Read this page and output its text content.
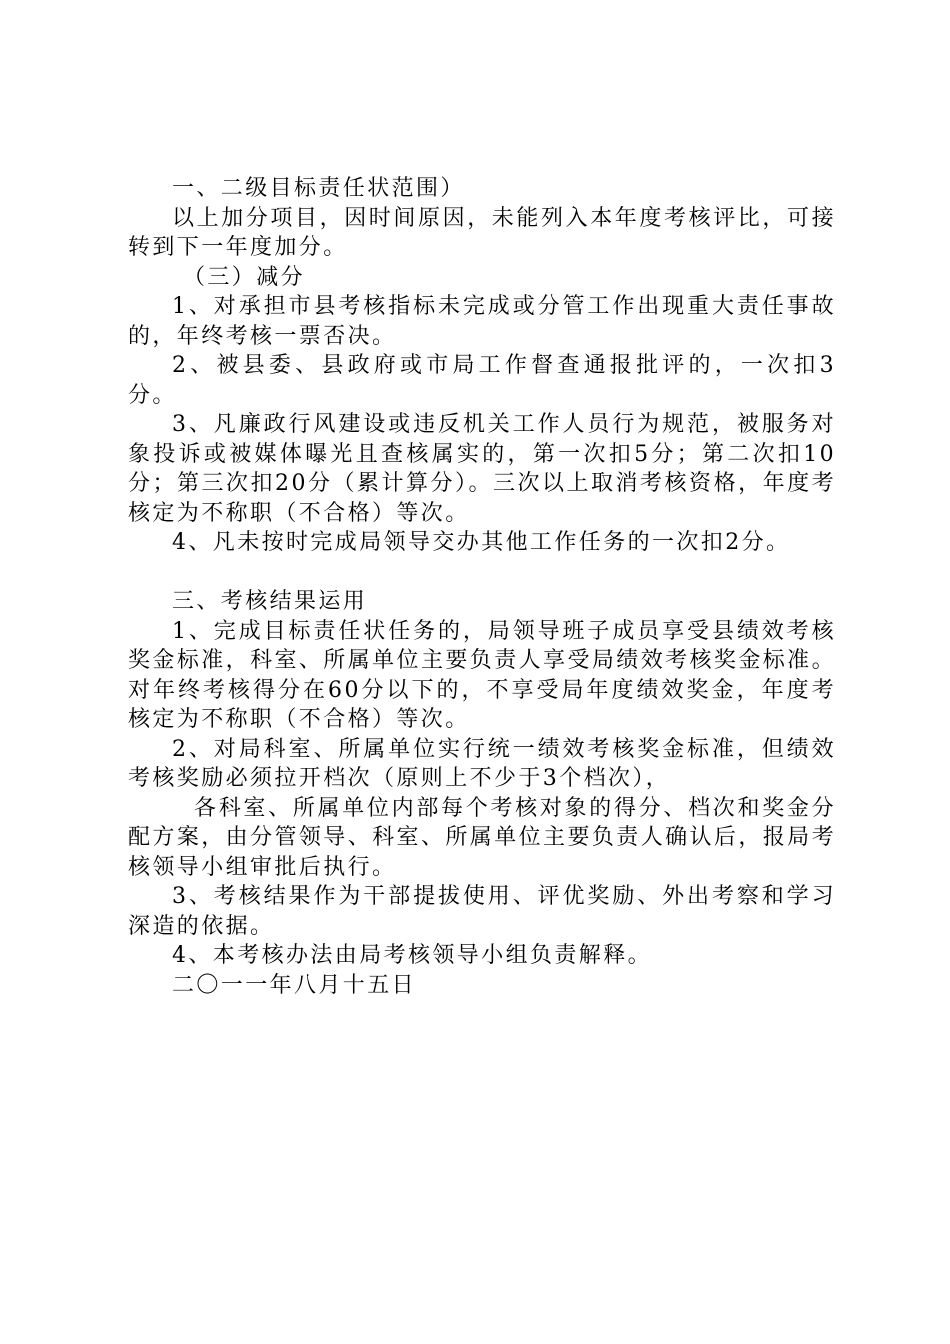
一、二级目标责任状范围）

以上加分项目，因时间原因，未能列入本年度考核评比，可接转到下一年度加分。

（三）减分

1、对承担市县考核指标未完成或分管工作出现重大责任事故的，年终考核一票否决。

2、被县委、县政府或市局工作督查通报批评的，一次扣3分。

3、凡廉政行风建设或违反机关工作人员行为规范，被服务对象投诉或被媒体曝光且查核属实的，第一次扣5分；第二次扣10分；第三次扣20分（累计算分）。三次以上取消考核资格，年度考核定为不称职（不合格）等次。

4、凡未按时完成局领导交办其他工作任务的一次扣2分。

三、考核结果运用

1、完成目标责任状任务的，局领导班子成员享受县绩效考核奖金标准，科室、所属单位主要负责人享受局绩效考核奖金标准。对年终考核得分在60分以下的，不享受局年度绩效奖金，年度考核定为不称职（不合格）等次。

2、对局科室、所属单位实行统一绩效考核奖金标准，但绩效考核奖励必须拉开档次（原则上不少于3个档次），

各科室、所属单位内部每个考核对象的得分、档次和奖金分配方案，由分管领导、科室、所属单位主要负责人确认后，报局考核领导小组审批后执行。

3、考核结果作为干部提拔使用、评优奖励、外出考察和学习深造的依据。

4、本考核办法由局考核领导小组负责解释。

二〇一一年八月十五日
